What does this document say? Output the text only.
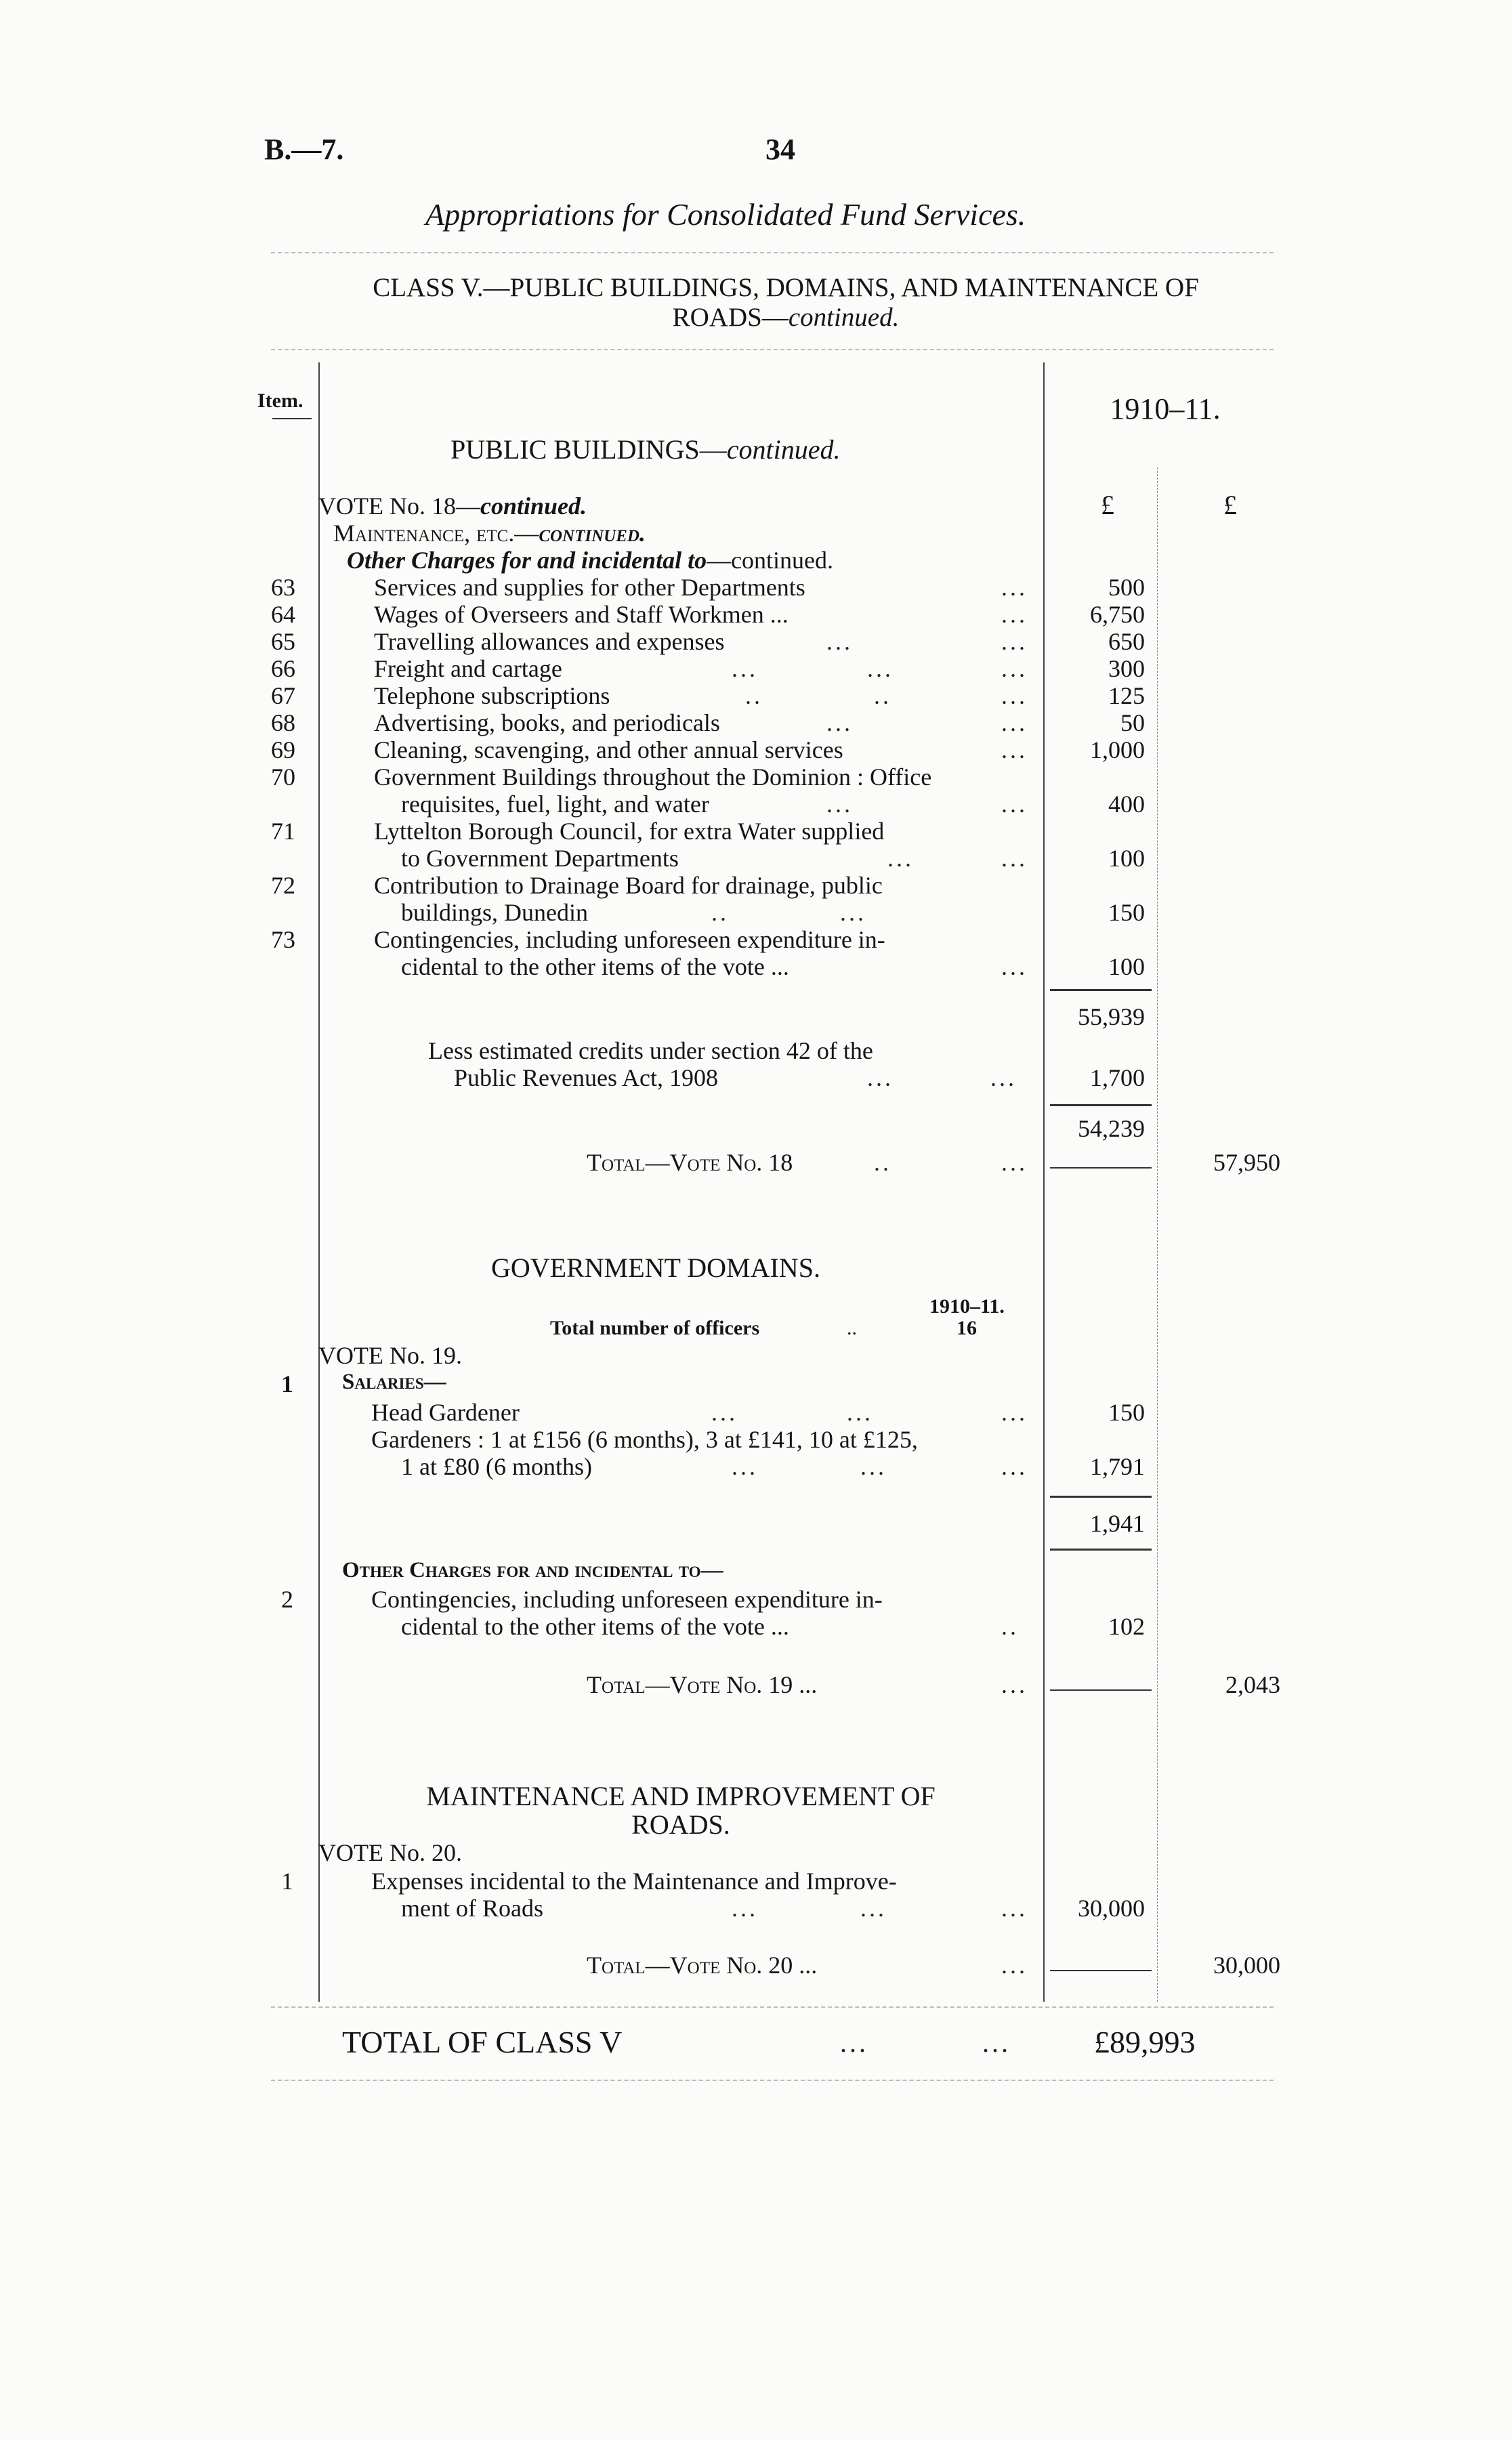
B.—7.	34
Appropriations for Consolidated Fund Services.
CLASS V.—PUBLIC BUILDINGS, DOMAINS, AND MAINTENANCE OF
ROADS—continued.
Item.	1910–11.
£	£
PUBLIC BUILDINGS—continued.
VOTE No. 18—continued.
Maintenance, etc.—continued.
Other Charges for and incidental to—continued.
63	Services and supplies for other Departments	...	500
64	Wages of Overseers and Staff Workmen ...	...	6,750
65	Travelling allowances and expenses	...	...	650
66	Freight and cartage	...	...	...	300
67	Telephone subscriptions	..	..	...	125
68	Advertising, books, and periodicals	...	...	50
69	Cleaning, scavenging, and other annual services	...	1,000
70	Government Buildings throughout the Dominion : Office
requisites, fuel, light, and water	...	...	400
71	Lyttelton Borough Council, for extra Water supplied
to Government Departments	...	...	100
72	Contribution to Drainage Board for drainage, public
buildings, Dunedin	..	...	150
73	Contingencies, including unforeseen expenditure in-
cidental to the other items of the vote ...	...	100
55,939
Less estimated credits under section 42 of the
Public Revenues Act, 1908	...	...	1,700
54,239
Total—Vote No. 18	..	...	57,950
GOVERNMENT DOMAINS.
1910–11.
Total number of officers	..	16
VOTE No. 19.
1 Salaries—
Head Gardener	...	...	...	150
Gardeners : 1 at £156 (6 months), 3 at £141, 10 at £125,
1 at £80 (6 months)	...	...	...	1,791
1,941
Other Charges for and incidental to—
2	Contingencies, including unforeseen expenditure in-
cidental to the other items of the vote ...	..	102
Total—Vote No. 19 ...	...	2,043
MAINTENANCE AND IMPROVEMENT OF
ROADS.
VOTE No. 20.
1	Expenses incidental to the Maintenance and Improve-
ment of Roads	...	...	...	30,000
Total—Vote No. 20 ...	...	30,000
TOTAL OF CLASS V	...	...	£89,993
